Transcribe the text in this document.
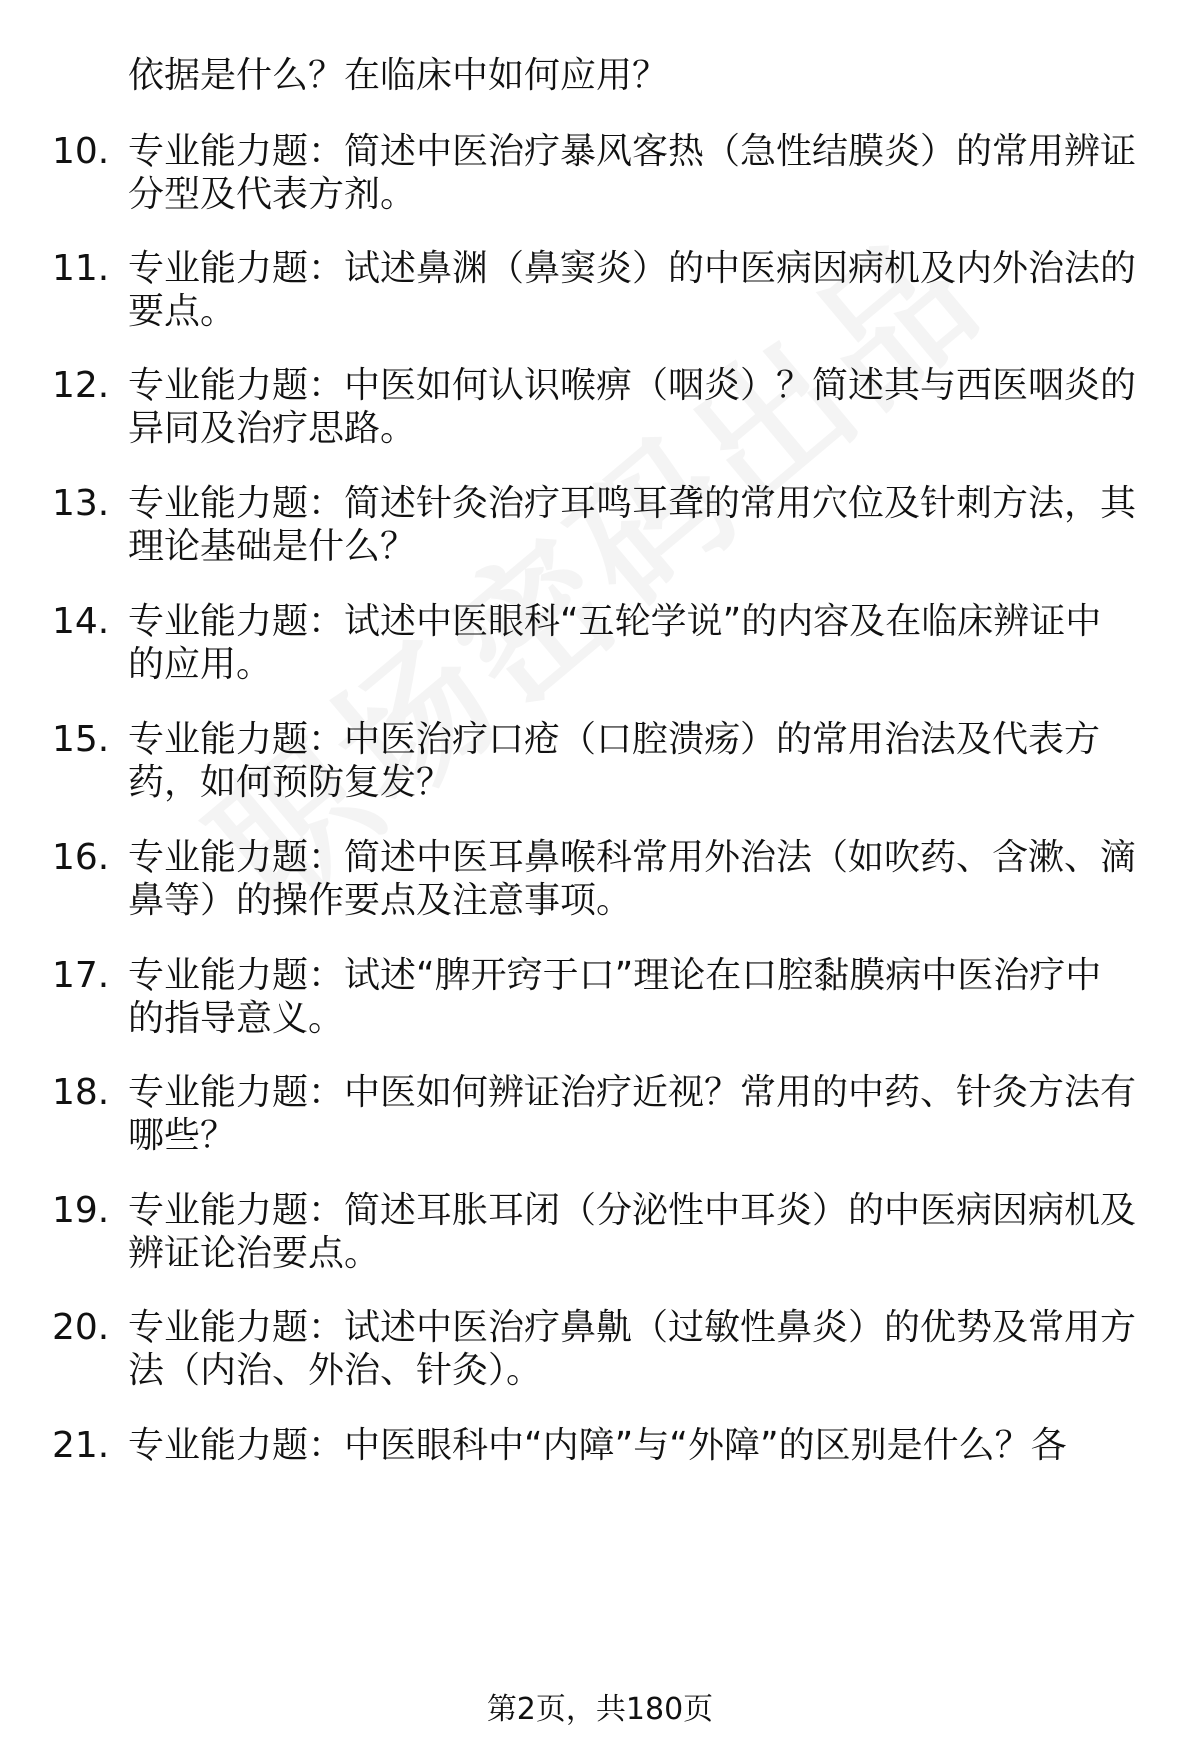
依据是什么？在临床中如何应用？
10. 专业能力题：简述中医治疗暴风客热（急性结膜炎）的常用辨证
分型及代表方剂。
11. 专业能力题：试述鼻渊（鼻窦炎）的中医病因病机及内外治法的
要点。
12. 专业能力题：中医如何认识喉痹（咽炎）？简述其与西医咽炎的
异同及治疗思路。
13. 专业能力题：简述针灸治疗耳鸣耳聋的常用穴位及针刺方法，其
理论基础是什么？
14. 专业能力题：试述中医眼科“五轮学说”的内容及在临床辨证中
的应用。
15. 专业能力题：中医治疗口疮（口腔溃疡）的常用治法及代表方
药，如何预防复发？
16. 专业能力题：简述中医耳鼻喉科常用外治法（如吹药、含漱、滴
鼻等）的操作要点及注意事项。
17. 专业能力题：试述“脾开窍于口”理论在口腔黏膜病中医治疗中
的指导意义。
18. 专业能力题：中医如何辨证治疗近视？常用的中药、针灸方法有
哪些？
19. 专业能力题：简述耳胀耳闭（分泌性中耳炎）的中医病因病机及
辨证论治要点。
20. 专业能力题：试述中医治疗鼻鼽（过敏性鼻炎）的优势及常用方
法（内治、外治、针灸）。
21. 专业能力题：中医眼科中“内障”与“外障”的区别是什么？各
第2页，共180页
